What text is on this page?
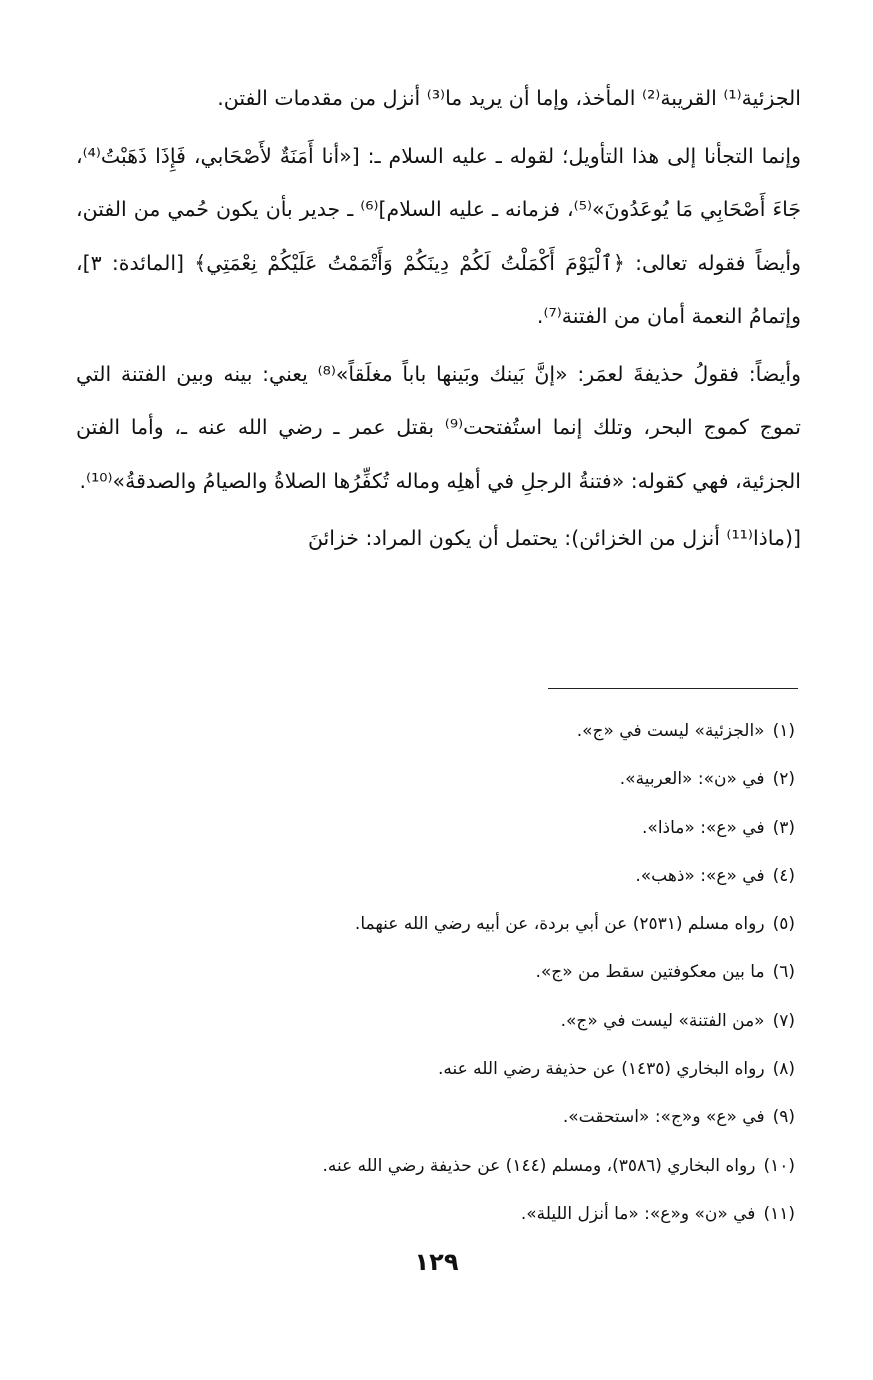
الجزئية⁽¹⁾ القريبة⁽²⁾ المأخذ، وإما أن يريد ما⁽³⁾ أنزل من مقدمات الفتن.

وإنما التجأنا إلى هذا التأويل؛ لقوله ـ عليه السلام ـ: [«أنا أَمَنَةٌ لأَصْحَابي، فَإِذَا ذَهَبْتُ⁽⁴⁾، جَاءَ أَصْحَابِي مَا يُوعَدُونَ»⁽⁵⁾، فزمانه ـ عليه السلام]⁽⁶⁾ ـ جدير بأن يكون حُمي من الفتن، وأيضاً فقوله تعالى: ﴿ٱلْيَوْمَ أَكْمَلْتُ لَكُمْ دِينَكُمْ وَأَتْمَمْتُ عَلَيْكُمْ نِعْمَتِي﴾ [المائدة: ٣]، وإتمامُ النعمة أمان من الفتنة⁽⁷⁾.

وأيضاً: فقولُ حذيفةَ لعمَر: «إنَّ بَينك وبَينها باباً مغلَقاً»⁽⁸⁾ يعني: بينه وبين الفتنة التي تموج كموج البحر، وتلك إنما استُفتحت⁽⁹⁾ بقتل عمر ـ رضي الله عنه ـ، وأما الفتن الجزئية، فهي كقوله: «فتنةُ الرجلِ في أهلِه وماله تُكفِّرُها الصلاةُ والصيامُ والصدقةُ»⁽¹⁰⁾.

[(ماذا⁽¹¹⁾ أنزل من الخزائن): يحتمل أن يكون المراد: خزائنَ

(١)«الجزئية» ليست في «ج».
(٢)في «ن»: «العربية».
(٣)في «ع»: «ماذا».
(٤)في «ع»: «ذهب».
(٥)رواه مسلم (٢٥٣١) عن أبي بردة، عن أبيه رضي الله عنهما.
(٦)ما بين معكوفتين سقط من «ج».
(٧)«من الفتنة» ليست في «ج».
(٨)رواه البخاري (١٤٣٥) عن حذيفة رضي الله عنه.
(٩)في «ع» و«ج»: «استحقت».
(١٠)رواه البخاري (٣٥٨٦)، ومسلم (١٤٤) عن حذيفة رضي الله عنه.
(١١)في «ن» و«ع»: «ما أنزل الليلة».
١٢٩
